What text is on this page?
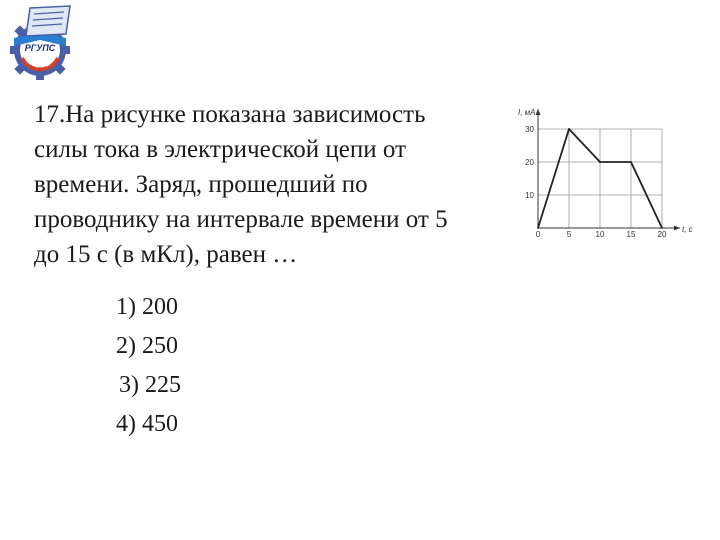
РГУПС
РОСТОВ-НА-ДОНУ
17.На рисунке показана зависимость
силы тока в электрической цепи от
времени. Заряд, прошедший по
проводнику на интервале времени от 5
до 15 с (в мКл), равен …
1) 200
2) 250
3) 225
4) 450
0	5	10	15	20
10
20
30
I, мА
t, с
